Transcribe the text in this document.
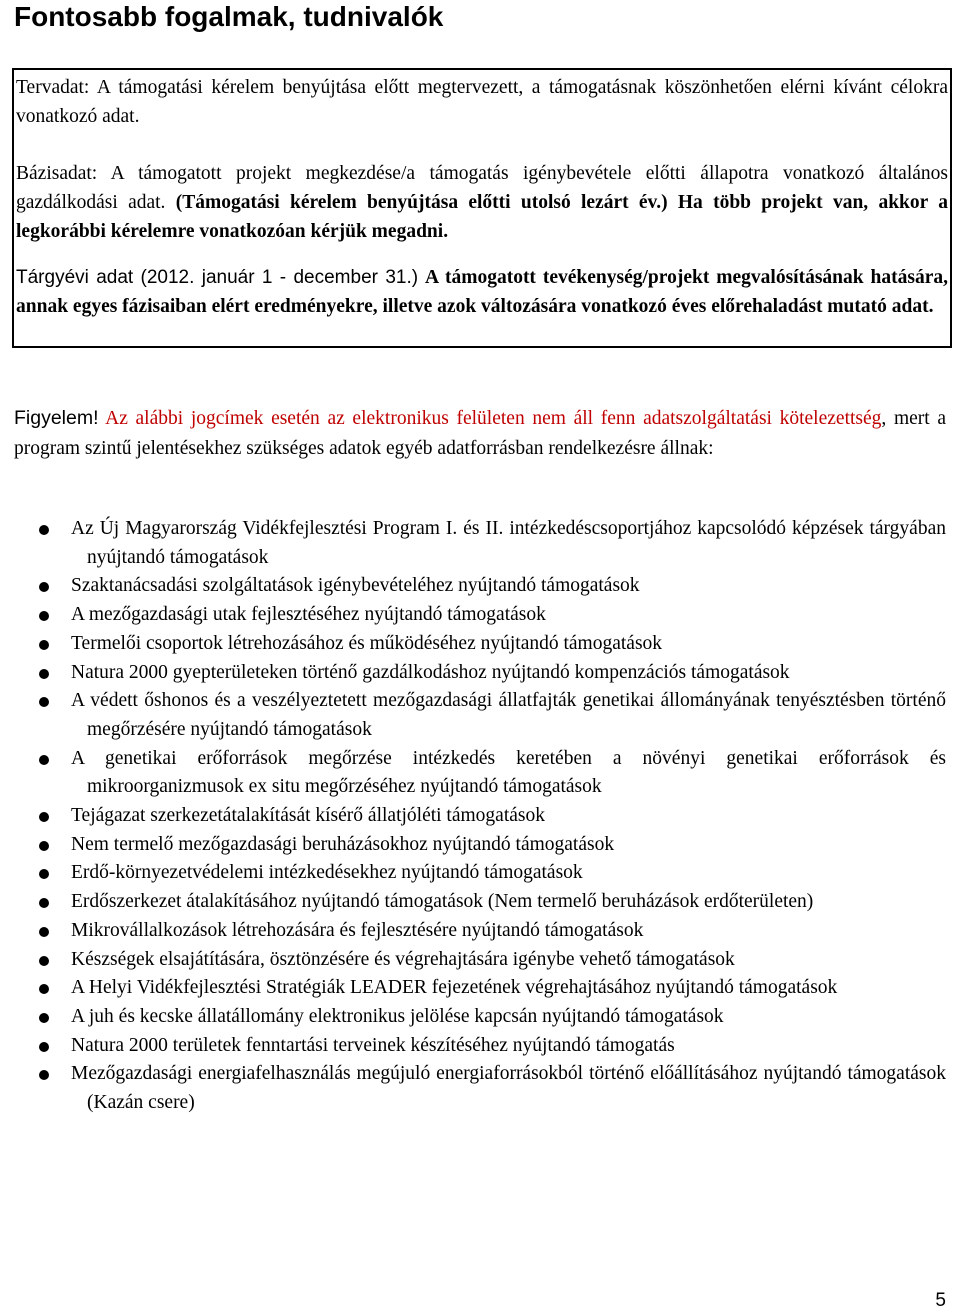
Fontosabb fogalmak, tudnivalók

Tervadat: A támogatási kérelem benyújtása előtt megtervezett, a támogatásnak köszönhetően elérni kívánt célokra vonatkozó adat.

Bázisadat: A támogatott projekt megkezdése/a támogatás igénybevétele előtti állapotra vonatkozó általános gazdálkodási adat. (Támogatási kérelem benyújtása előtti utolsó lezárt év.) Ha több projekt van, akkor a legkorábbi kérelemre vonatkozóan kérjük megadni.

Tárgyévi adat (2012. január 1 - december 31.) A támogatott tevékenység/projekt megvalósításának hatására, annak egyes fázisaiban elért eredményekre, illetve azok változására vonatkozó éves előrehaladást mutató adat.

Figyelem! Az alábbi jogcímek esetén az elektronikus felületen nem áll fenn adatszolgáltatási kötelezettség, mert a program szintű jelentésekhez szükséges adatok egyéb adatforrásban rendelkezésre állnak:

Az Új Magyarország Vidékfejlesztési Program I. és II. intézkedéscsoportjához kapcsolódó képzések tárgyában nyújtandó támogatások
Szaktanácsadási szolgáltatások igénybevételéhez nyújtandó támogatások
A mezőgazdasági utak fejlesztéséhez nyújtandó támogatások
Termelői csoportok létrehozásához és működéséhez nyújtandó támogatások
Natura 2000 gyepterületeken történő gazdálkodáshoz nyújtandó kompenzációs támogatások
A védett őshonos és a veszélyeztetett mezőgazdasági állatfajták genetikai állományának tenyésztésben történő megőrzésére nyújtandó támogatások
A genetikai erőforrások megőrzése intézkedés keretében a növényi genetikai erőforrások és mikroorganizmusok ex situ megőrzéséhez nyújtandó támogatások
Tejágazat szerkezetátalakítását kísérő állatjóléti támogatások
Nem termelő mezőgazdasági beruházásokhoz nyújtandó támogatások
Erdő-környezetvédelemi intézkedésekhez nyújtandó támogatások
Erdőszerkezet átalakításához nyújtandó támogatások (Nem termelő beruházások erdőterületen)
Mikrovállalkozások létrehozására és fejlesztésére nyújtandó támogatások
Készségek elsajátítására, ösztönzésére és végrehajtására igénybe vehető támogatások
A Helyi Vidékfejlesztési Stratégiák LEADER fejezetének végrehajtásához nyújtandó támogatások
A juh és kecske állatállomány elektronikus jelölése kapcsán nyújtandó támogatások
Natura 2000 területek fenntartási terveinek készítéséhez nyújtandó támogatás
Mezőgazdasági energiafelhasználás megújuló energiaforrásokból történő előállításához nyújtandó támogatások (Kazán csere)
5
